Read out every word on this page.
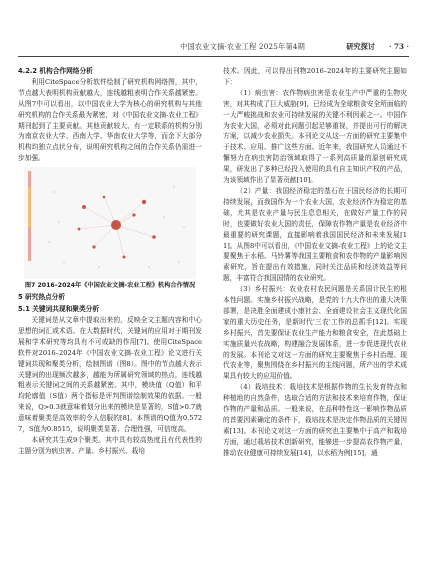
中国农业文摘·农业工程 2025年第4期	研究探讨 · 73 ·
4.2.2 机构合作网络分析

利用CiteSpace分析软件绘制了研究机构网络图，其中，节点越大表明机构贡献越大，连线越粗表明合作关系越紧密。从图7中可以看出，以中国农业大学为核心的研究机构与其他研究机构的合作关系最为紧密，对《中国农业文摘-农业工程》期刊起到了主要贡献。其他贡献较大、有一定联系的机构分别为南京农业大学、西南大学、华南农业大学等，而余下大部分机构均独立点状分布，说明研究机构之间的合作关系仍需进一步加强。

图7 2016–2024年《中国农业文摘-农业工程》机构合作情况
5 研究热点分析
5.1 关键词共现和聚类分析

关键词是从文章中提取出来的，反映全文主题内容和中心思想的词汇或术语。在大数据时代，关键词的应用对于期刊发展和学术研究等均具有不可或缺的作用[7]。使用CiteSpace软件对2016–2024年《中国农业文摘-农业工程》论文进行关键词共现和聚类分析，绘制图谱（图8）。图中的节点越大表示关键词的出现频次越多，越能为所属研究领域的热点，连线越粗表示关键词之间的关系越紧密。其中，模块值（Q值）和平均轮廓值（S值）两个指标是评判图谱绘制效果的依据。一般来说，Q>0.3就意味着划分出来的模块是显著的，S值>0.7就意味着聚类是高效率的令人信服的[8]。本图谱的Q值为0.5727，S值为0.8515，说明聚类显著、合理性强，可信度高。

本研究共生成9个聚类。其中具有较高热度且有代表性的主题分别为病虫害、产量、乡村振兴、栽培

技术。因此，可以得出刊物2016–2024年的主要研究主题如下：

（1）病虫害：农作物病虫害是农业生产中严重的生物灾害，对其构成了巨大威胁[9]，已经成为全球粮食安全所面临的一大严峻挑战和农业可持续发展的关键不利因素之一。中国作为农业大国，必须对此问题引起足够重视，并提出可行的解决方案，以减少农业损失。本刊论文从这一方面的研究主要集中于技术、应用、推广这些方面。近年来，我国研究人员通过不懈努力在病虫害防治领域取得了一系列高质量的原创研究成果，研发出了多种已经投入使用的具有自主知识产权的产品，为该领域作出了显著贡献[10]。

（2）产量：我国经济稳定的基石在于国民经济的长期可持续发展，而我国作为一个农业大国，农业经济作为稳定的基础，尤其是农业产量与民生息息相关，在做好产量工作的同时，也要做好农业大国的责任，保障农作物产量是农业经济中最重要的研究课题，直接影响着我国国民经济和未来发展[11]。从图8中可以看出，《中国农业文摘-农业工程》上的论文主要聚焦于水稻、马铃薯等我国主要粮食和农作物的产量影响因素研究，旨在提出有效措施，同时关注品质和经济效益等问题，丰富符合我国国情的农业研究。

（3）乡村振兴：农业农村农民问题是关系国计民生的根本性问题。实施乡村振兴战略，是党的十九大作出的重大决策部署，是决胜全面建成小康社会、全面建设社会主义现代化国家的重大历史任务，是新时代'三农'工作的总抓手[12]。实现乡村振兴，首先要保证农业生产能力和粮食安全，在此基础上实施质量兴农战略，构建融合发展体系，进一步促进现代农业的发展。本刊论文对这一方面的研究主要聚焦于乡村治理、现代农业等，聚焦围绕在乡村振兴的主线问题，所产出的学术成果具有较大的应用价值。

（4）栽培技术：栽培技术是根据作物的生长发育特点和种植地的自然条件，选取合适的方法和技术来培育作物，保证作物的产量和品质。一般来说，在品种特性这一影响作物品质的首要因素确定的条件下，栽培技术是决定作物品质的关键因素[13]。本刊论文对这一方面的研究也主要集中于高产和栽培方面，通过栽培技术创新研究，能够进一步提高农作物产量，推动农业健康可持续发展[14]，以水稻为例[15]，通
